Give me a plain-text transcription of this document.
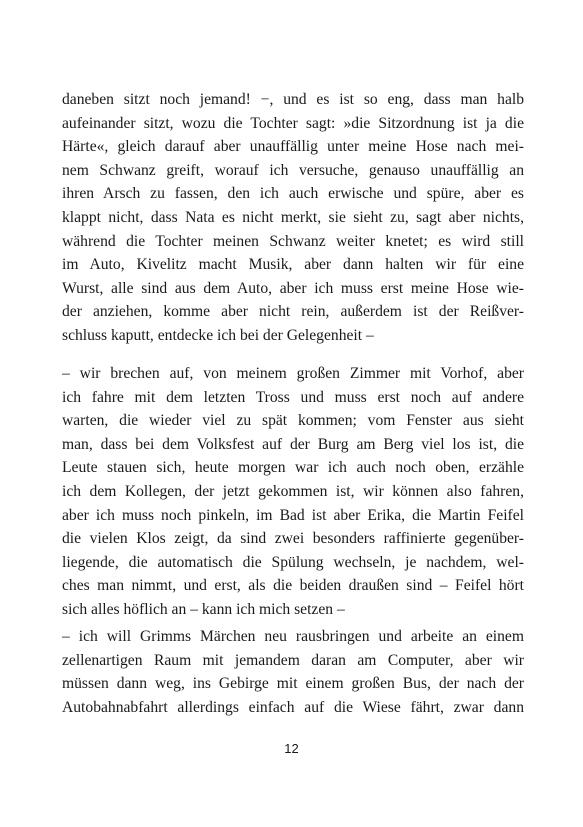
daneben sitzt noch jemand! −, und es ist so eng, dass man halb
aufeinander sitzt, wozu die Tochter sagt: »die Sitzordnung ist ja die
Härte«, gleich darauf aber unauffällig unter meine Hose nach mei-
nem Schwanz greift, worauf ich versuche, genauso unauffällig an
ihren Arsch zu fassen, den ich auch erwische und spüre, aber es
klappt nicht, dass Nata es nicht merkt, sie sieht zu, sagt aber nichts,
während die Tochter meinen Schwanz weiter knetet; es wird still
im Auto, Kivelitz macht Musik, aber dann halten wir für eine
Wurst, alle sind aus dem Auto, aber ich muss erst meine Hose wie-
der anziehen, komme aber nicht rein, außerdem ist der Reißver-
schluss kaputt, entdecke ich bei der Gelegenheit –
– wir brechen auf, von meinem großen Zimmer mit Vorhof, aber
ich fahre mit dem letzten Tross und muss erst noch auf andere
warten, die wieder viel zu spät kommen; vom Fenster aus sieht
man, dass bei dem Volksfest auf der Burg am Berg viel los ist, die
Leute stauen sich, heute morgen war ich auch noch oben, erzähle
ich dem Kollegen, der jetzt gekommen ist, wir können also fahren,
aber ich muss noch pinkeln, im Bad ist aber Erika, die Martin Feifel
die vielen Klos zeigt, da sind zwei besonders raffinierte gegenüber-
liegende, die automatisch die Spülung wechseln, je nachdem, wel-
ches man nimmt, und erst, als die beiden draußen sind – Feifel hört
sich alles höflich an – kann ich mich setzen –
– ich will Grimms Märchen neu rausbringen und arbeite an einem
zellenartigen Raum mit jemandem daran am Computer, aber wir
müssen dann weg, ins Gebirge mit einem großen Bus, der nach der
Autobahnabfahrt allerdings einfach auf die Wiese fährt, zwar dann
12
